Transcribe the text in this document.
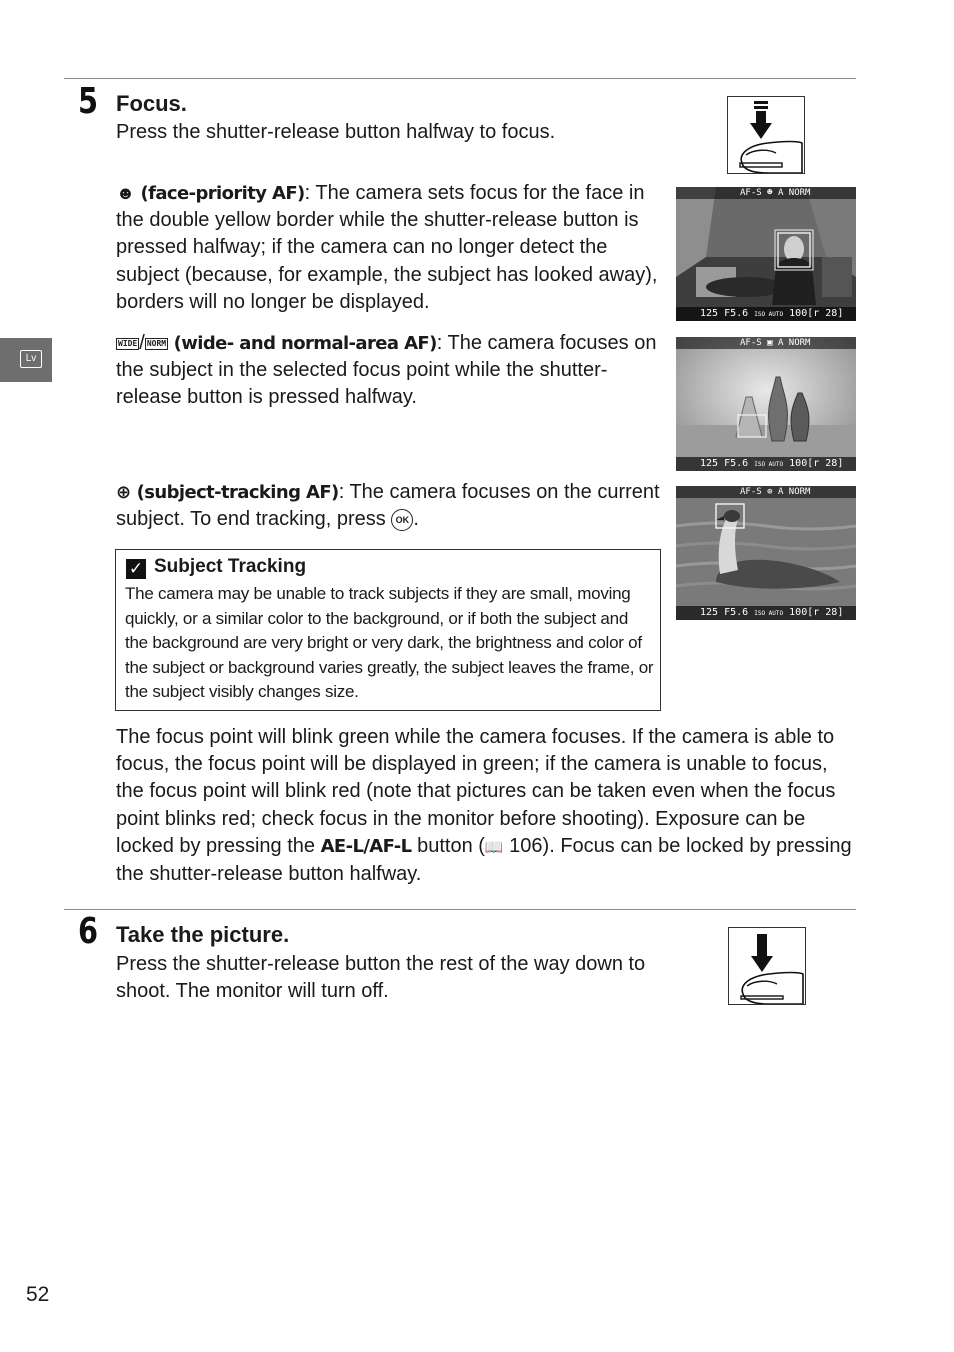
5 Focus.
Press the shutter-release button halfway to focus.
☻ (face-priority AF): The camera sets focus for the face in the double yellow border while the shutter-release button is pressed halfway; if the camera can no longer detect the subject (because, for example, the subject has looked away), borders will no longer be displayed.
WIDE / NORM (wide- and normal-area AF): The camera focuses on the subject in the selected focus point while the shutter-release button is pressed halfway.
⊕ (subject-tracking AF): The camera focuses on the current subject. To end tracking, press OK .
✓ Subject Tracking
The camera may be unable to track subjects if they are small, moving quickly, or a similar color to the background, or if both the subject and the background are very bright or very dark, the brightness and color of the subject or background varies greatly, the subject leaves the frame, or the subject visibly changes size.
The focus point will blink green while the camera focuses. If the camera is able to focus, the focus point will be displayed in green; if the camera is unable to focus, the focus point will blink red (note that pictures can be taken even when the focus point blinks red; check focus in the monitor before shooting). Exposure can be locked by pressing the AE-L/AF-L button (📖 106). Focus can be locked by pressing the shutter-release button halfway.
AF-S ☻ A NORM
125 F5.6 ISO AUTO 100[r 28]
AF-S ▣ A NORM
125 F5.6 ISO AUTO 100[r 28]
AF-S ⊕ A NORM
125 F5.6 ISO AUTO 100[r 28]
Lv
6 Take the picture.
Press the shutter-release button the rest of the way down to shoot. The monitor will turn off.
52
